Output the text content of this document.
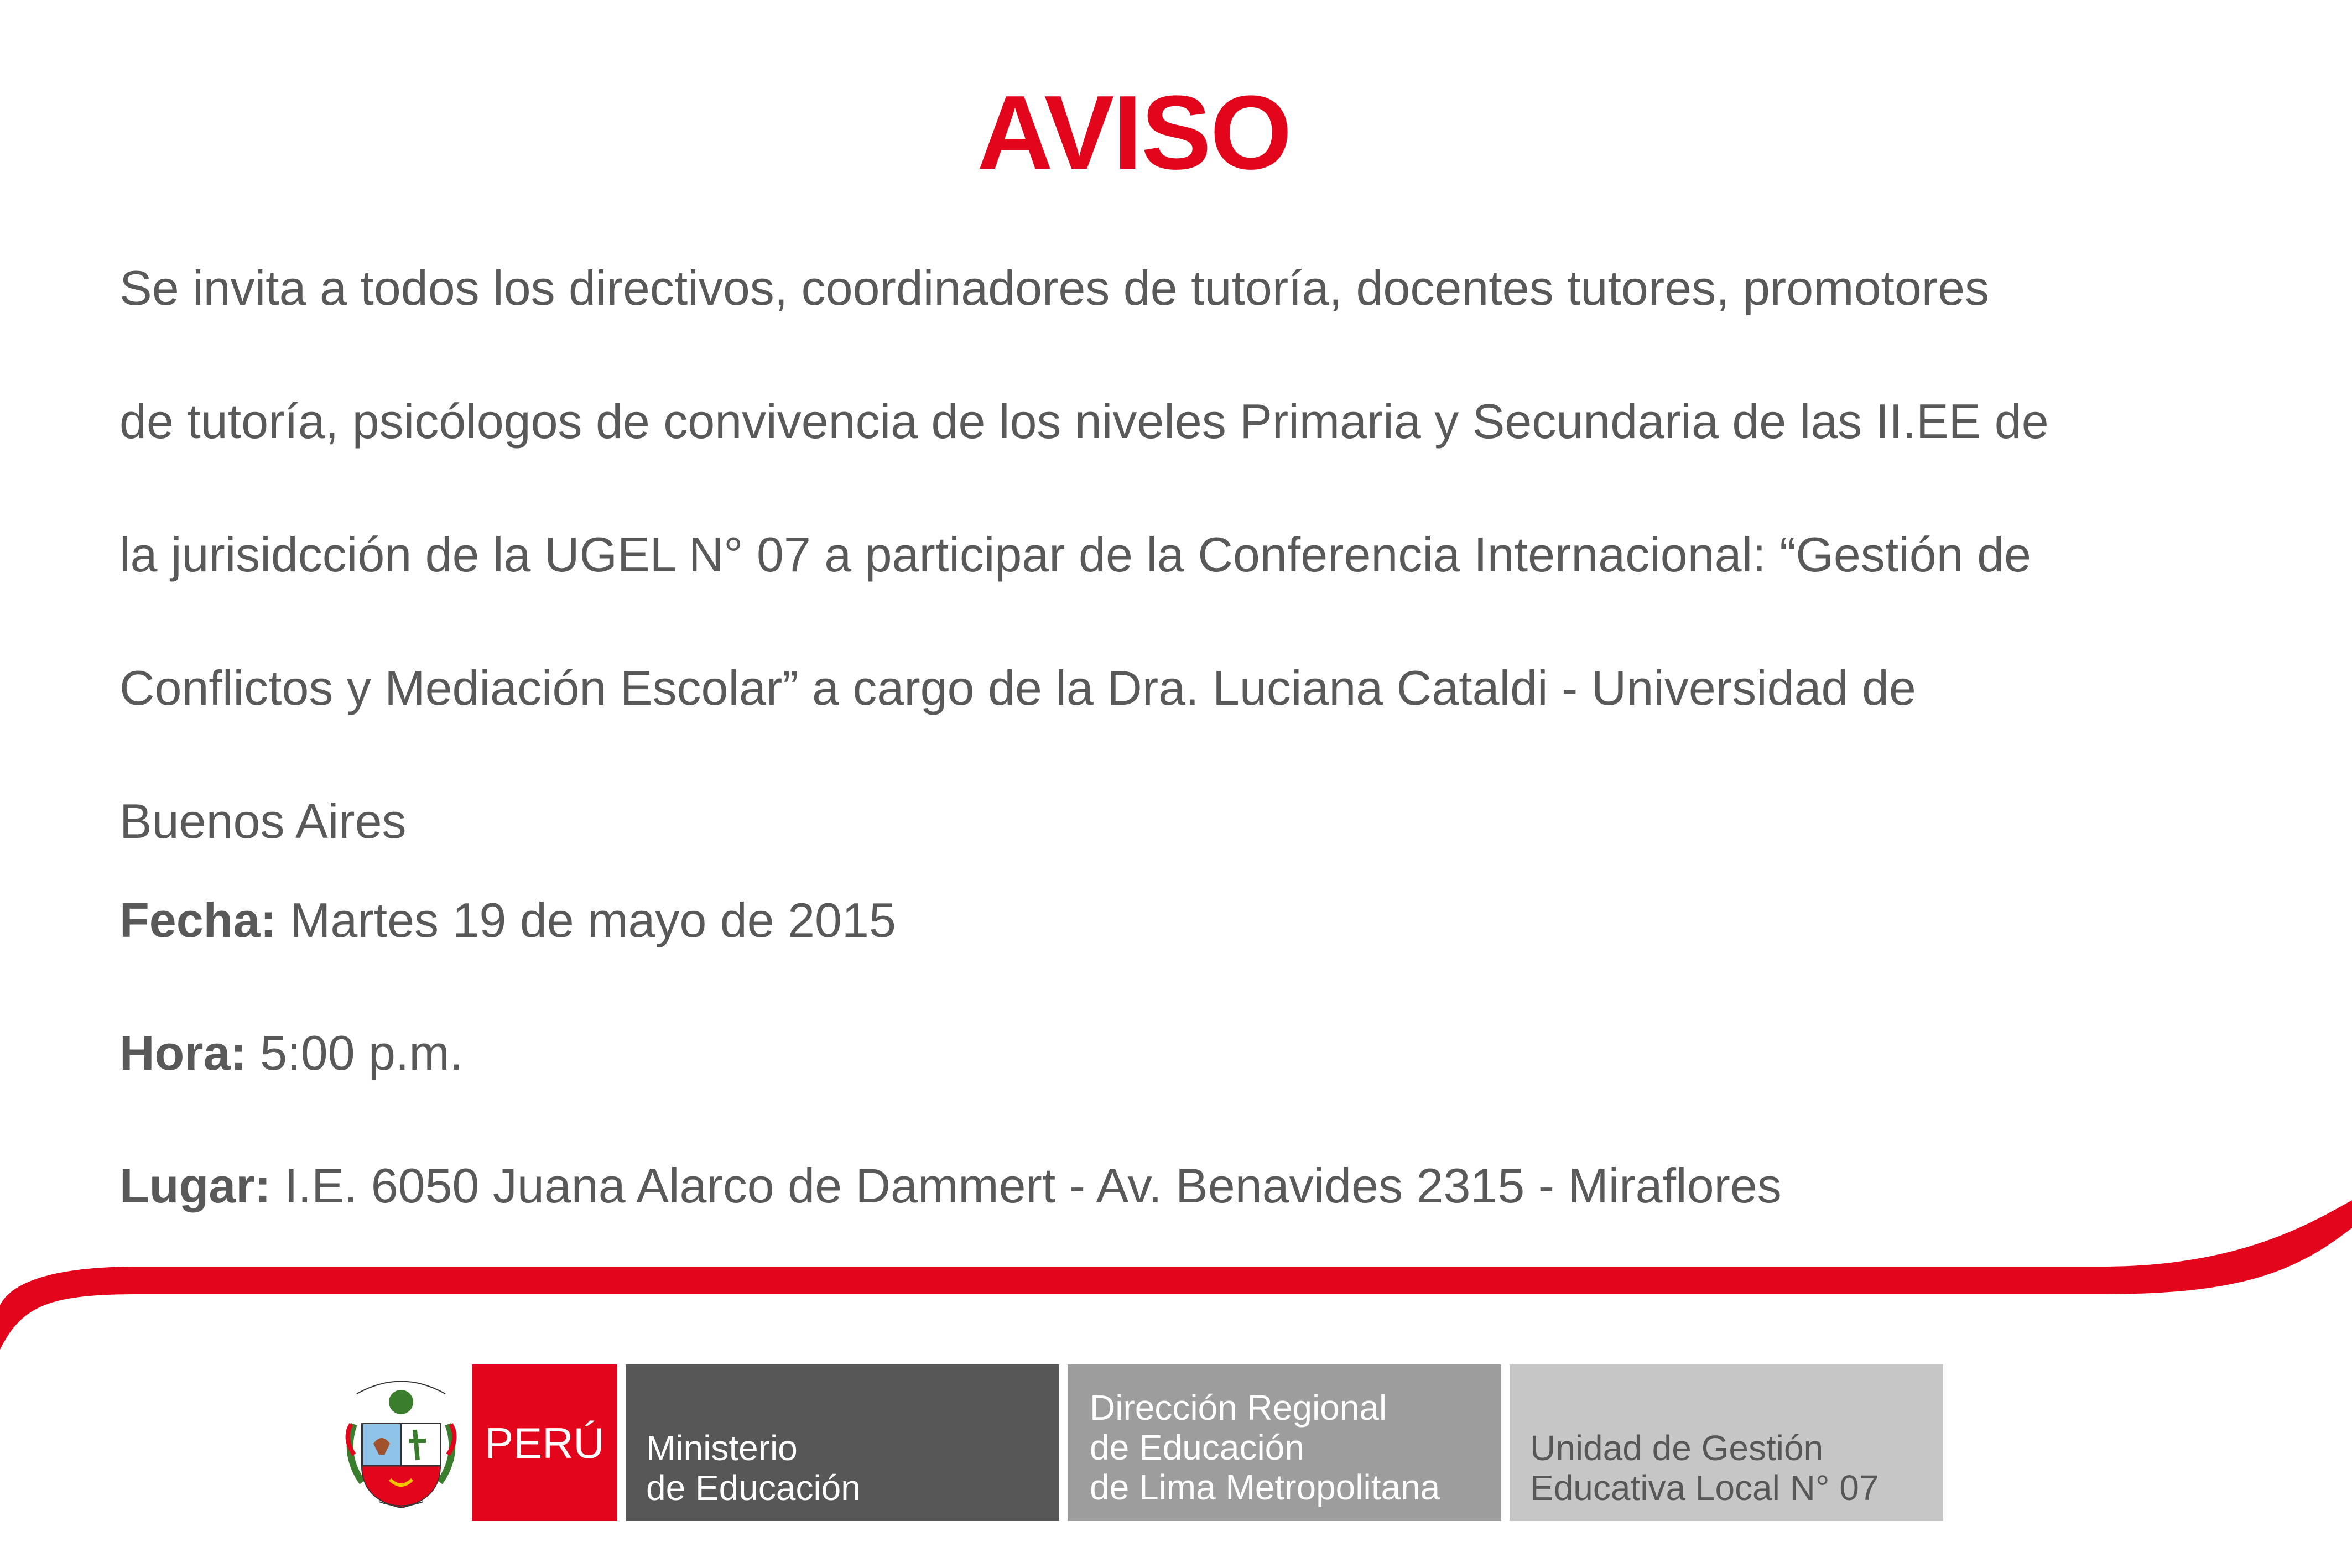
AVISO
Se invita a todos los directivos, coordinadores de tutoría, docentes tutores, promotores
de tutoría, psicólogos de convivencia de los niveles Primaria y Secundaria de las II.EE de
la jurisidcción de la UGEL N° 07 a participar de la Conferencia Internacional: “Gestión de
Conflictos y Mediación Escolar” a cargo de la Dra. Luciana Cataldi - Universidad de
Buenos Aires
Fecha: Martes 19 de mayo de 2015
Hora: 5:00 p.m.
Lugar: I.E. 6050 Juana Alarco de Dammert - Av. Benavides 2315 - Miraflores
PERÚ Ministerio
de Educación
Dirección Regional
de Educación
de Lima Metropolitana
Unidad de Gestión
Educativa Local N° 07
